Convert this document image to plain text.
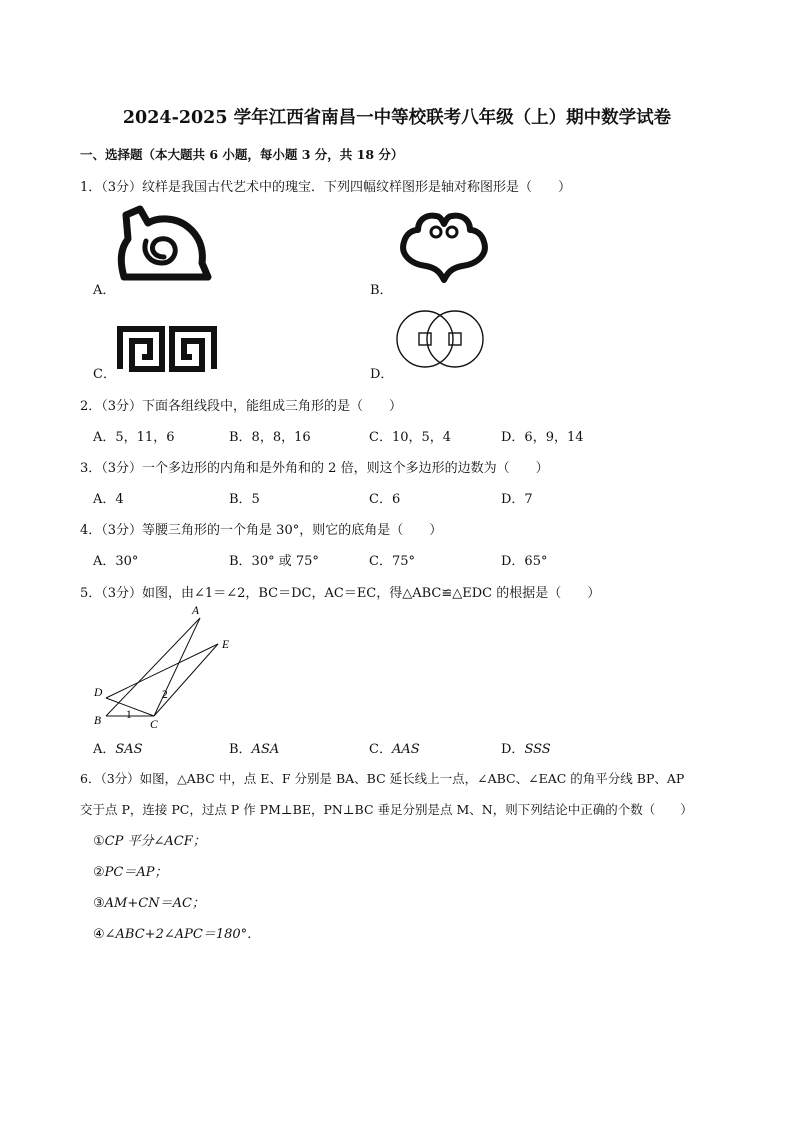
2024-2025 学年江西省南昌一中等校联考八年级（上）期中数学试卷
一、选择题（本大题共 6 小题，每小题 3 分，共 18 分）
1．（3分）纹样是我国古代艺术中的瑰宝．下列四幅纹样图形是轴对称图形是（　　）
A．	B．
C．	D．
2．（3分）下面各组线段中，能组成三角形的是（　　）
A．5，11，6	B．8，8，16	C．10，5，4	D．6，9，14
3．（3分）一个多边形的内角和是外角和的 2 倍，则这个多边形的边数为（　　）
A．4	B．5	C．6	D．7
4．（3分）等腰三角形的一个角是 30°，则它的底角是（　　）
A．30°	B．30° 或 75°	C．75°	D．65°
5．（3分）如图，由∠1＝∠2，BC＝DC，AC＝EC，得△ABC≌△EDC 的根据是（　　）
A
E
D
B 1
2
C
A．SAS	B．ASA	C．AAS	D．SSS
6．（3分）如图，△ABC 中，点 E、F 分别是 BA、BC 延长线上一点，∠ABC、∠EAC 的角平分线 BP、AP
交于点 P，连接 PC，过点 P 作 PM⊥BE，PN⊥BC 垂足分别是点 M、N，则下列结论中正确的个数（　　）
①CP 平分∠ACF；
②PC＝AP；
③AM+CN＝AC；
④∠ABC+2∠APC＝180°．
